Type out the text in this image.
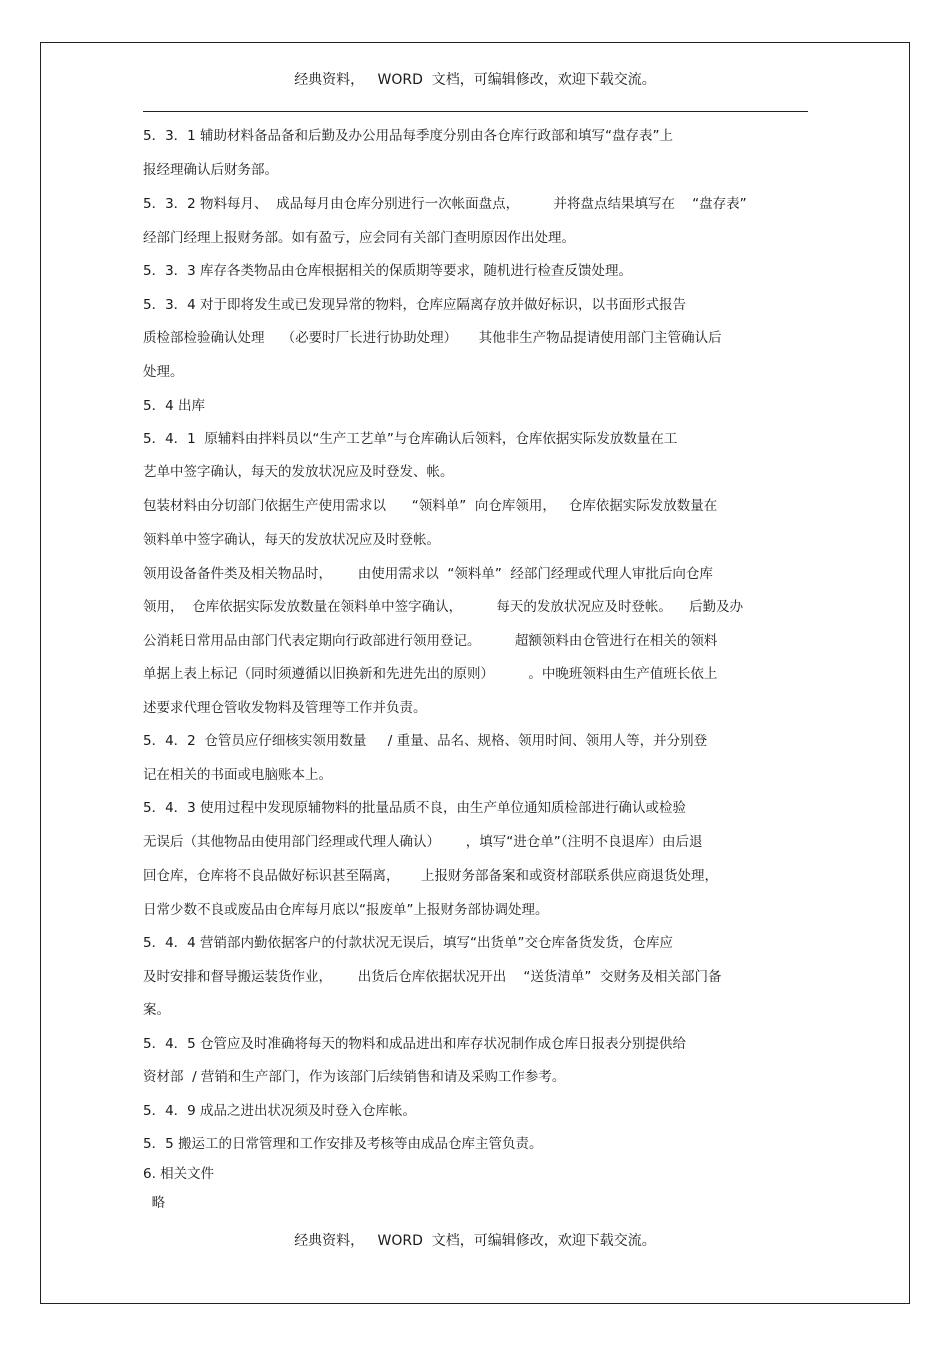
经典资料，   WORD  文档，可编辑修改，欢迎下载交流。
5．3．1 辅助材料备品备和后勤及办公用品每季度分别由各仓库行政部和填写“盘存表”上
报经理确认后财务部。
5．3．2 物料每月、  成品每月由仓库分别进行一次帐面盘点，        并将盘点结果填写在    “盘存表”
经部门经理上报财务部。如有盈亏，应会同有关部门查明原因作出处理。
5．3．3 库存各类物品由仓库根据相关的保质期等要求，随机进行检查反馈处理。
5．3．4 对于即将发生或已发现异常的物料，仓库应隔离存放并做好标识，以书面形式报告
质检部检验确认处理    （必要时厂长进行协助处理）     其他非生产物品提请使用部门主管确认后
处理。
5．4 出库
5．4．1  原辅料由拌料员以“生产工艺单”与仓库确认后领料，仓库依据实际发放数量在工
艺单中签字确认，每天的发放状况应及时登发、帐。
包装材料由分切部门依据生产使用需求以      “领料单”  向仓库领用，   仓库依据实际发放数量在
领料单中签字确认，每天的发放状况应及时登帐。
领用设备备件类及相关物品时，      由使用需求以  “领料单”  经部门经理或代理人审批后向仓库
领用，  仓库依据实际发放数量在领料单中签字确认，        每天的发放状况应及时登帐。    后勤及办
公消耗日常用品由部门代表定期向行政部进行领用登记。        超额领料由仓管进行在相关的领料
单据上表上标记（同时须遵循以旧换新和先进先出的原则）        。中晚班领料由生产值班长依上
述要求代理仓管收发物料及管理等工作并负责。
5．4．2  仓管员应仔细核实领用数量     / 重量、品名、规格、领用时间、领用人等，并分别登
记在相关的书面或电脑账本上。
5．4．3 使用过程中发现原辅物料的批量品质不良，由生产单位通知质检部进行确认或检验
无误后（其他物品由使用部门经理或代理人确认）      ，填写“进仓单”（注明不良退库）由后退
回仓库，仓库将不良品做好标识甚至隔离，     上报财务部备案和或资材部联系供应商退货处理，
日常少数不良或废品由仓库每月底以“报废单”上报财务部协调处理。
5．4．4 营销部内勤依据客户的付款状况无误后，填写“出货单”交仓库备货发货，仓库应
及时安排和督导搬运装货作业，      出货后仓库依据状况开出    “送货清单”  交财务及相关部门备
案。
5．4．5 仓管应及时准确将每天的物料和成品进出和库存状况制作成仓库日报表分别提供给
资材部  / 营销和生产部门，作为该部门后续销售和请及采购工作参考。
5．4．9 成品之进出状况须及时登入仓库帐。
5．5 搬运工的日常管理和工作安排及考核等由成品仓库主管负责。
6. 相关文件
略
经典资料，   WORD  文档，可编辑修改，欢迎下载交流。
